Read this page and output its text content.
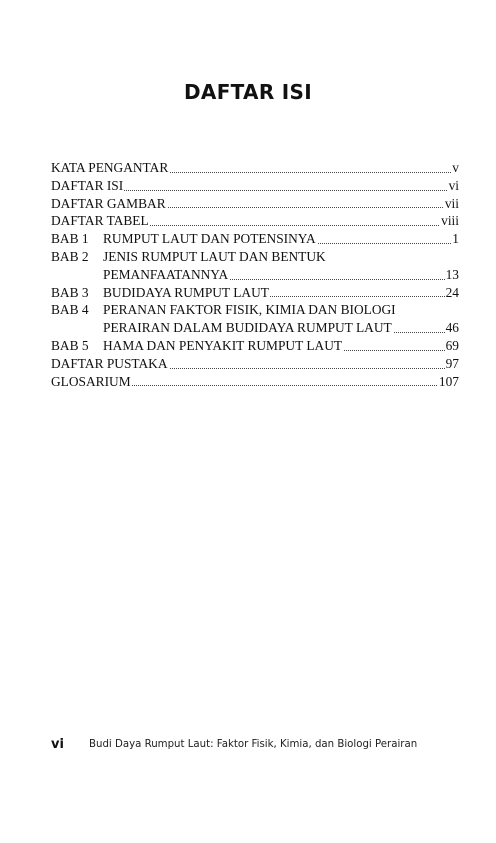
DAFTAR ISI
KATA PENGANTAR	v
DAFTAR ISI	vi
DAFTAR GAMBAR	vii
DAFTAR TABEL	viii
BAB 1 RUMPUT LAUT DAN POTENSINYA	1
BAB 2 JENIS RUMPUT LAUT DAN BENTUK
PEMANFAATANNYA	13
BAB 3 BUDIDAYA RUMPUT LAUT	24
BAB 4 PERANAN FAKTOR FISIK, KIMIA DAN BIOLOGI
PERAIRAN DALAM BUDIDAYA RUMPUT LAUT	46
BAB 5 HAMA DAN PENYAKIT RUMPUT LAUT	69
DAFTAR PUSTAKA	97
GLOSARIUM	107
vi Budi Daya Rumput Laut: Faktor Fisik, Kimia, dan Biologi Perairan
